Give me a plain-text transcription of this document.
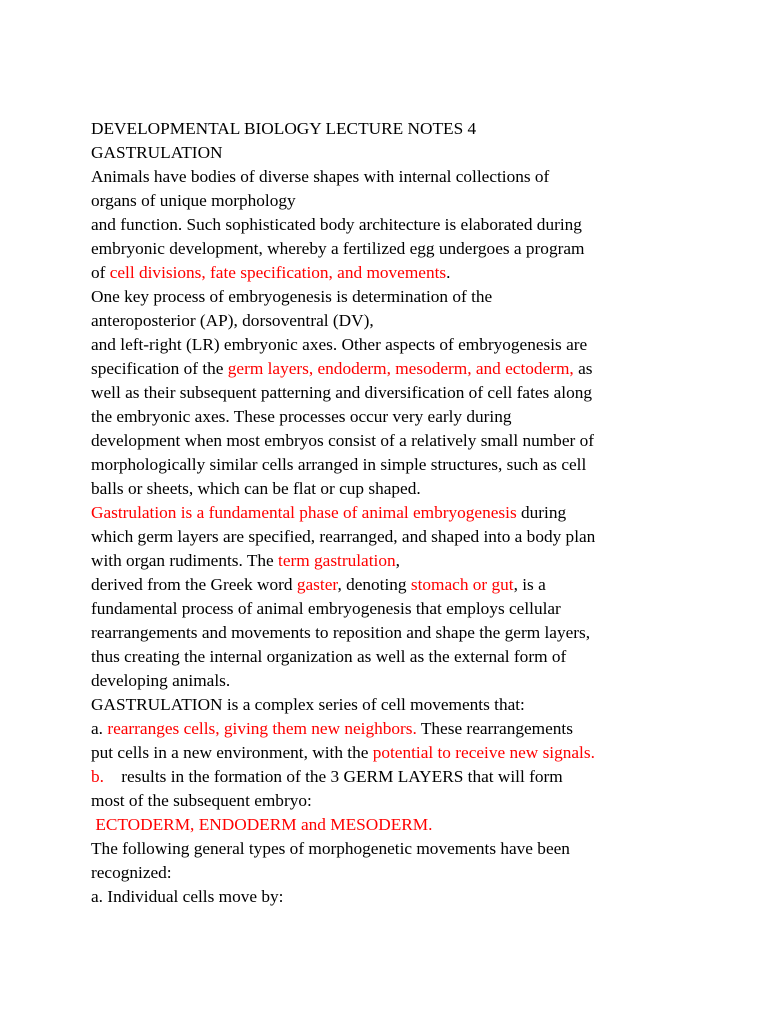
DEVELOPMENTAL BIOLOGY LECTURE NOTES 4
GASTRULATION
Animals have bodies of diverse shapes with internal collections of
organs of unique morphology
and function. Such sophisticated body architecture is elaborated during
embryonic development, whereby a fertilized egg undergoes a program
of cell divisions, fate specification, and movements.
One key process of embryogenesis is determination of the
anteroposterior (AP), dorsoventral (DV),
and left-right (LR) embryonic axes. Other aspects of embryogenesis are
specification of the germ layers, endoderm, mesoderm, and ectoderm, as
well as their subsequent patterning and diversification of cell fates along
the embryonic axes. These processes occur very early during
development when most embryos consist of a relatively small number of
morphologically similar cells arranged in simple structures, such as cell
balls or sheets, which can be flat or cup shaped.
Gastrulation is a fundamental phase of animal embryogenesis during
which germ layers are specified, rearranged, and shaped into a body plan
with organ rudiments. The term gastrulation,
derived from the Greek word gaster, denoting stomach or gut, is a
fundamental process of animal embryogenesis that employs cellular
rearrangements and movements to reposition and shape the germ layers,
thus creating the internal organization as well as the external form of
developing animals.
GASTRULATION is a complex series of cell movements that:
a. rearranges cells, giving them new neighbors. These rearrangements
put cells in a new environment, with the potential to receive new signals.
b.    results in the formation of the 3 GERM LAYERS that will form
most of the subsequent embryo:
ECTODERM, ENDODERM and MESODERM.
The following general types of morphogenetic movements have been
recognized:
a. Individual cells move by:
